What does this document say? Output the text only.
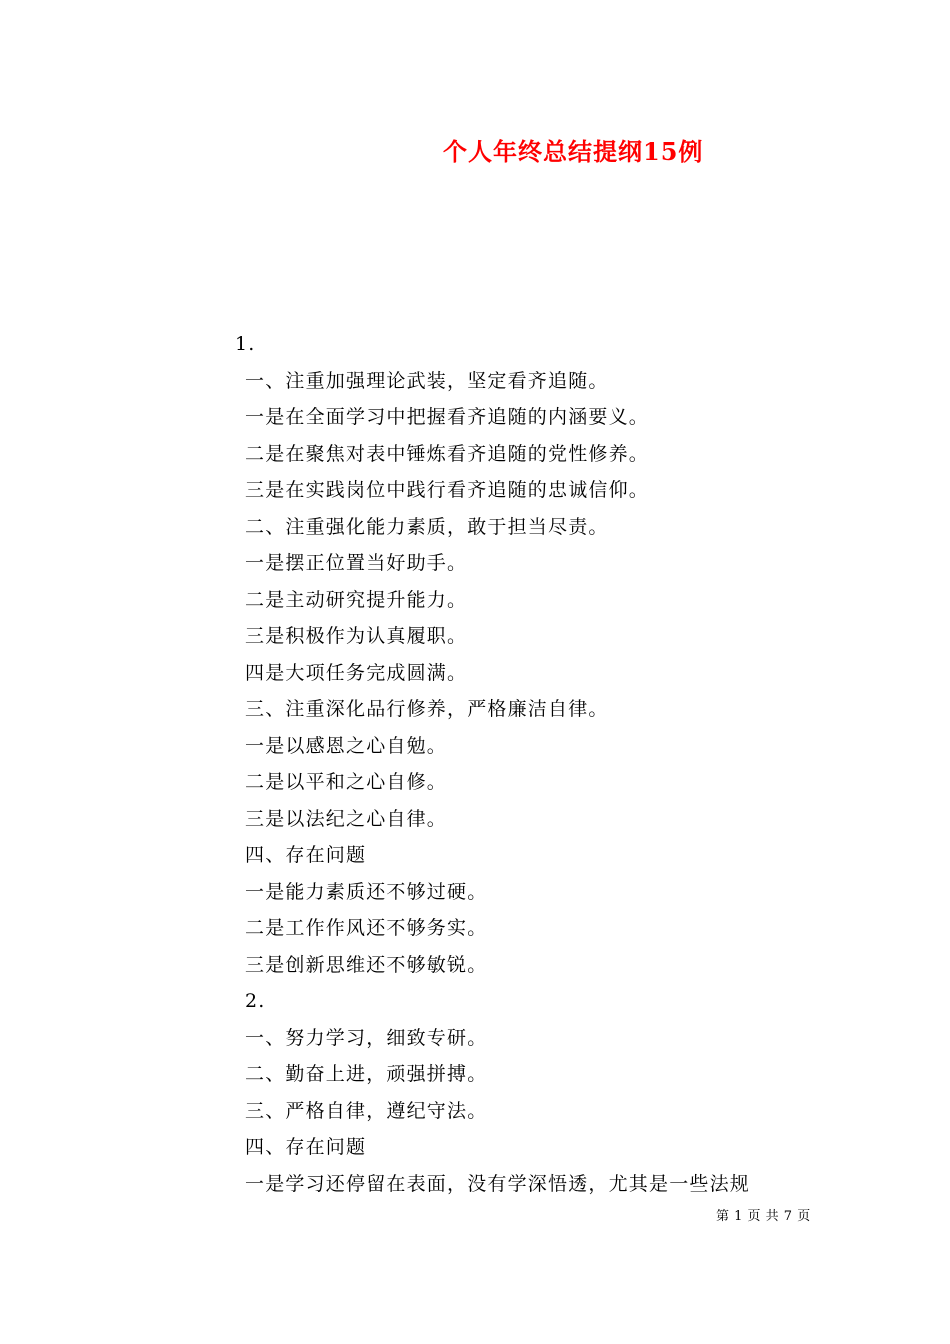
个人年终总结提纲15例
1.
一、注重加强理论武装，坚定看齐追随。
一是在全面学习中把握看齐追随的内涵要义。
二是在聚焦对表中锤炼看齐追随的党性修养。
三是在实践岗位中践行看齐追随的忠诚信仰。
二、注重强化能力素质，敢于担当尽责。
一是摆正位置当好助手。
二是主动研究提升能力。
三是积极作为认真履职。
四是大项任务完成圆满。
三、注重深化品行修养，严格廉洁自律。
一是以感恩之心自勉。
二是以平和之心自修。
三是以法纪之心自律。
四、存在问题
一是能力素质还不够过硬。
二是工作作风还不够务实。
三是创新思维还不够敏锐。
2.
一、努力学习，细致专研。
二、勤奋上进，顽强拼搏。
三、严格自律，遵纪守法。
四、存在问题
一是学习还停留在表面，没有学深悟透，尤其是一些法规
第 1 页 共 7 页
